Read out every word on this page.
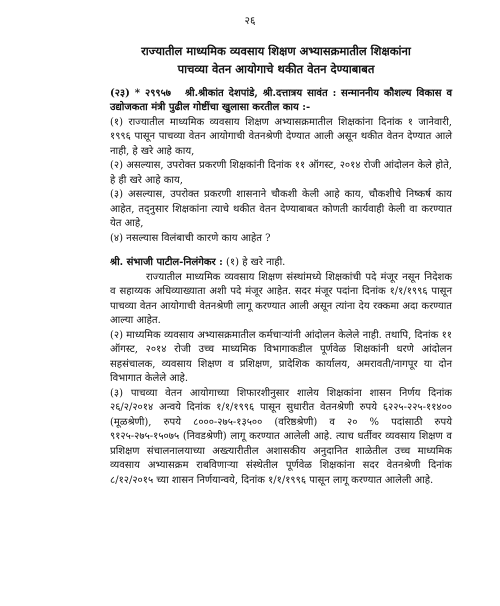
२६
राज्यातील माध्यमिक व्यवसाय शिक्षण अभ्यासक्रमातील शिक्षकांना
पाचव्या वेतन आयोगाचे थकीत वेतन देण्याबाबत

(२३) * २९९५७ श्री.श्रीकांत देशपांडे, श्री.दत्तात्रय सावंत : सन्माननीय कौशल्य विकास व उद्योजकता मंत्री पुढील गोष्टींचा खुलासा करतील काय :-

(१) राज्यातील माध्यमिक व्यवसाय शिक्षण अभ्यासक्रमातील शिक्षकांना दिनांक १ जानेवारी, १९९६ पासून पाचव्या वेतन आयोगाची वेतनश्रेणी देण्यात आली असून थकीत वेतन देण्यात आले नाही, हे खरे आहे काय,

(२) असल्यास, उपरोक्त प्रकरणी शिक्षकांनी दिनांक ११ ऑगस्ट, २०१४ रोजी आंदोलन केले होते, हे ही खरे आहे काय,

(३) असल्यास, उपरोक्त प्रकरणी शासनाने चौकशी केली आहे काय, चौकशीचे निष्कर्ष काय आहेत, तद्नुसार शिक्षकांना त्याचे थकीत वेतन देण्याबाबत कोणती कार्यवाही केली वा करण्यात येत आहे,

(४) नसल्यास विलंबाची कारणे काय आहेत ?

श्री. संभाजी पाटील-निलंगेकर : (१) हे खरे नाही.

राज्यातील माध्यमिक व्यवसाय शिक्षण संस्थांमध्ये शिक्षकांची पदे मंजूर नसून निदेशक व सहाय्यक अधिव्याख्याता अशी पदे मंजूर आहेत. सदर मंजूर पदांना दिनांक १/१/१९९६ पासून पाचव्या वेतन आयोगाची वेतनश्रेणी लागू करण्यात आली असून त्यांना देय रक्कमा अदा करण्यात आल्या आहेत.

(२) माध्यमिक व्यवसाय अभ्यासक्रमातील कर्मचाऱ्यांनी आंदोलन केलेले नाही. तथापि, दिनांक ११ ऑगस्ट, २०१४ रोजी उच्च माध्यमिक विभागाकडील पूर्णवेळ शिक्षकांनी धरणे आंदोलन सहसंचालक, व्यवसाय शिक्षण व प्रशिक्षण, प्रादेशिक कार्यालय, अमरावती/नागपूर या दोन विभागात केलेले आहे.

(३) पाचव्या वेतन आयोगाच्या शिफारशीनुसार शालेय शिक्षकांना शासन निर्णय दिनांक २६/२/२०१४ अन्वये दिनांक १/१/१९९६ पासून सुधारीत वेतनश्रेणी रुपये ६२२५-२२५-११४०० (मूळश्रेणी), रुपये ८०००-२७५-१३५०० (वरिष्ठश्रेणी) व २० % पदांसाठी रुपये ९१२५-२७५-१५०७५ (निवडश्रेणी) लागू करण्यात आलेली आहे. त्याच धर्तीवर व्यवसाय शिक्षण व प्रशिक्षण संचालनालयाच्या अख्त्यारीतील अशासकीय अनुदानित शाळेतील उच्च माध्यमिक व्यवसाय अभ्यासक्रम राबविणाऱ्या संस्थेतील पूर्णवेळ शिक्षकांना सदर वेतनश्रेणी दिनांक ८/१२/२०१५ च्या शासन निर्णयान्वये, दिनांक १/१/१९९६ पासून लागू करण्यात आलेली आहे.
